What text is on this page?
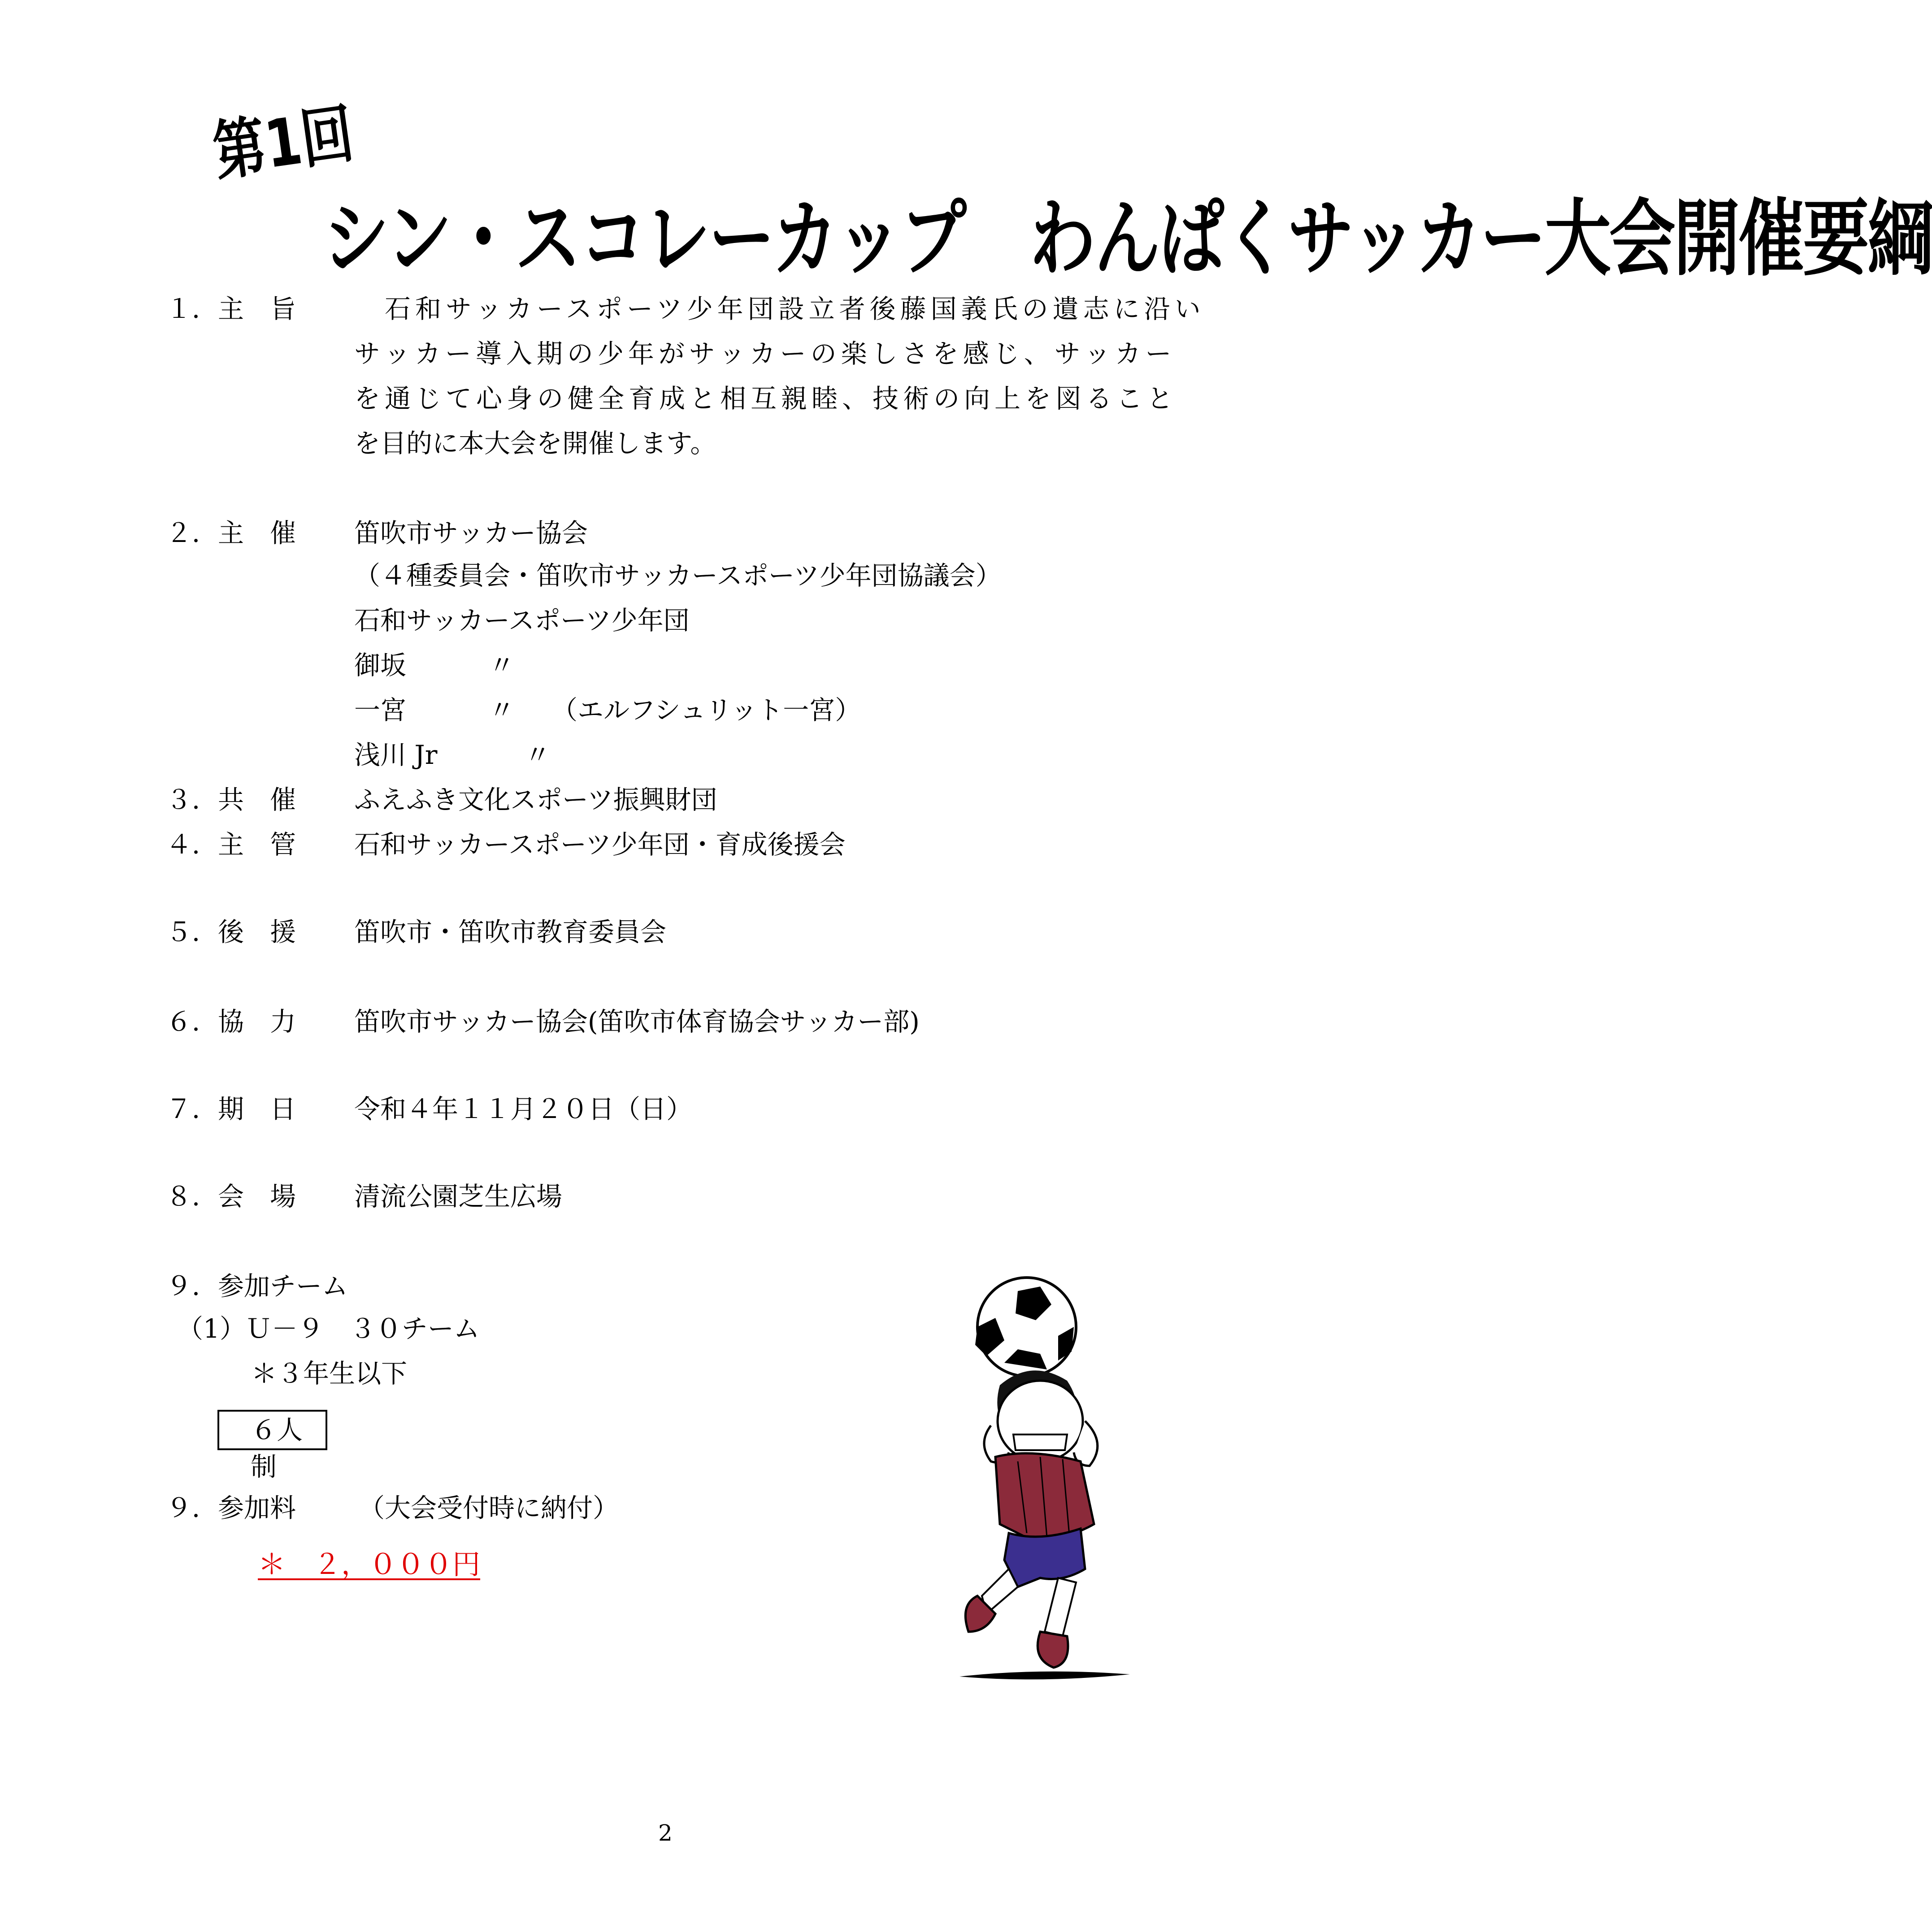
第1回
シン・スコレーカップ　わんぱくサッカー大会開催要綱
１．主　旨 　石和サッカースポーツ少年団設立者後藤国義氏の遺志に沿い
サッカー導入期の少年がサッカーの楽しさを感じ、サッカー
を通じて心身の健全育成と相互親睦、技術の向上を図ること
を目的に本大会を開催します。
２．主　催 笛吹市サッカー協会
（４種委員会・笛吹市サッカースポーツ少年団協議会）
石和サッカースポーツ少年団
御坂	〃
一宮	〃 （エルフシュリット一宮）
浅川 Jr	〃
３．共　催 ふえふき文化スポーツ振興財団
４．主　管 石和サッカースポーツ少年団・育成後援会
５．後　援 笛吹市・笛吹市教育委員会
６．協　力 笛吹市サッカー協会(笛吹市体育協会サッカー部)
７．期　日 令和４年１１月２０日（日）
８．会　場 清流公園芝生広場
９．参加チーム
（1）Ｕ－９　３０チーム
＊３年生以下
６人制
９．参加料 （大会受付時に納付）
＊　２，０００円
2
